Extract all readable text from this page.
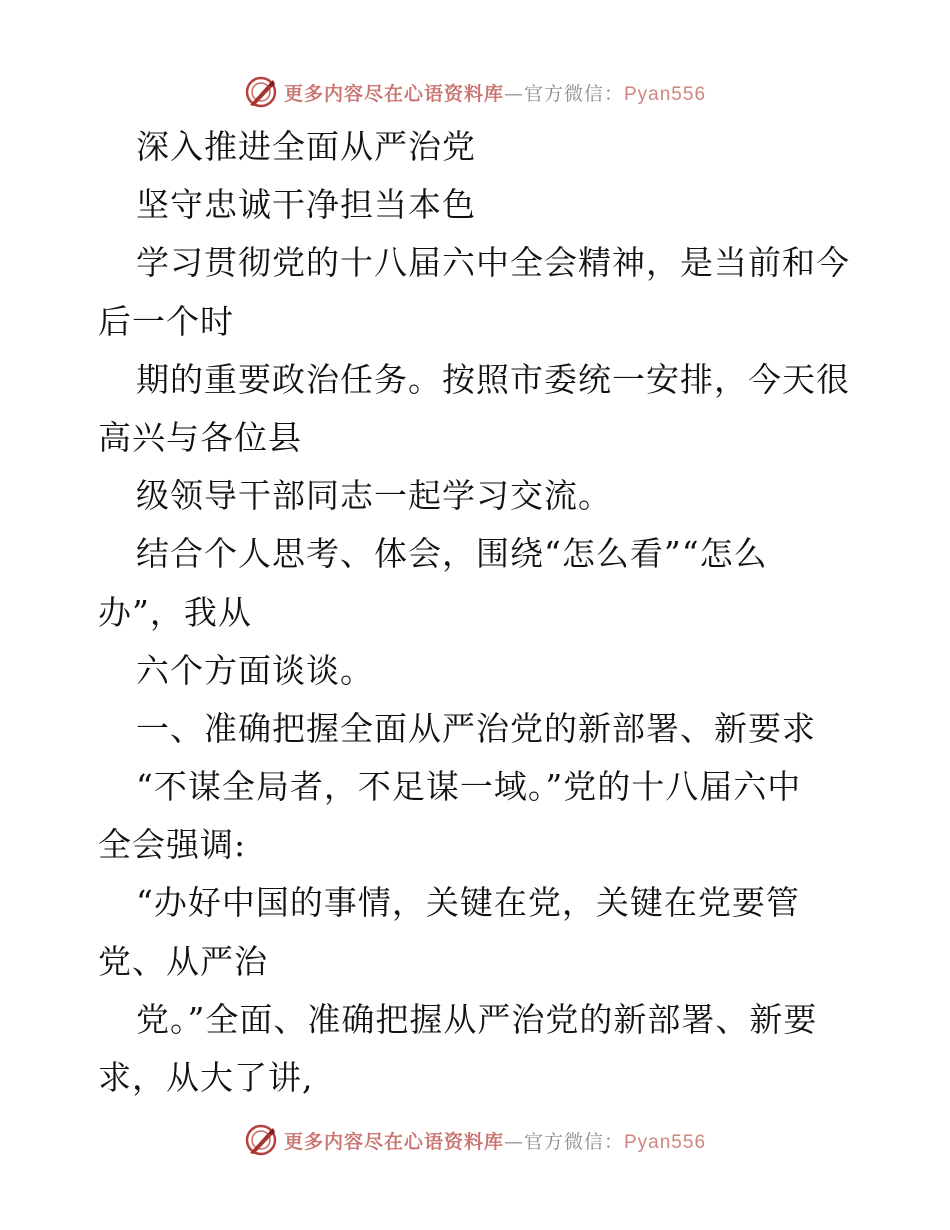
更多内容尽在心语资料库—官方微信：Pyan556
深入推进全面从严治党
坚守忠诚干净担当本色
学习贯彻党的十八届六中全会精神，是当前和今
后一个时
期的重要政治任务。按照市委统一安排，今天很
高兴与各位县
级领导干部同志一起学习交流。
结合个人思考、体会，围绕“怎么看”“怎么
办”，我从
六个方面谈谈。
一、准确把握全面从严治党的新部署、新要求
“不谋全局者，不足谋一域。”党的十八届六中
全会强调:
“办好中国的事情，关键在党，关键在党要管
党、从严治
党。”全面、准确把握从严治党的新部署、新要
求，从大了讲,
更多内容尽在心语资料库—官方微信：Pyan556
